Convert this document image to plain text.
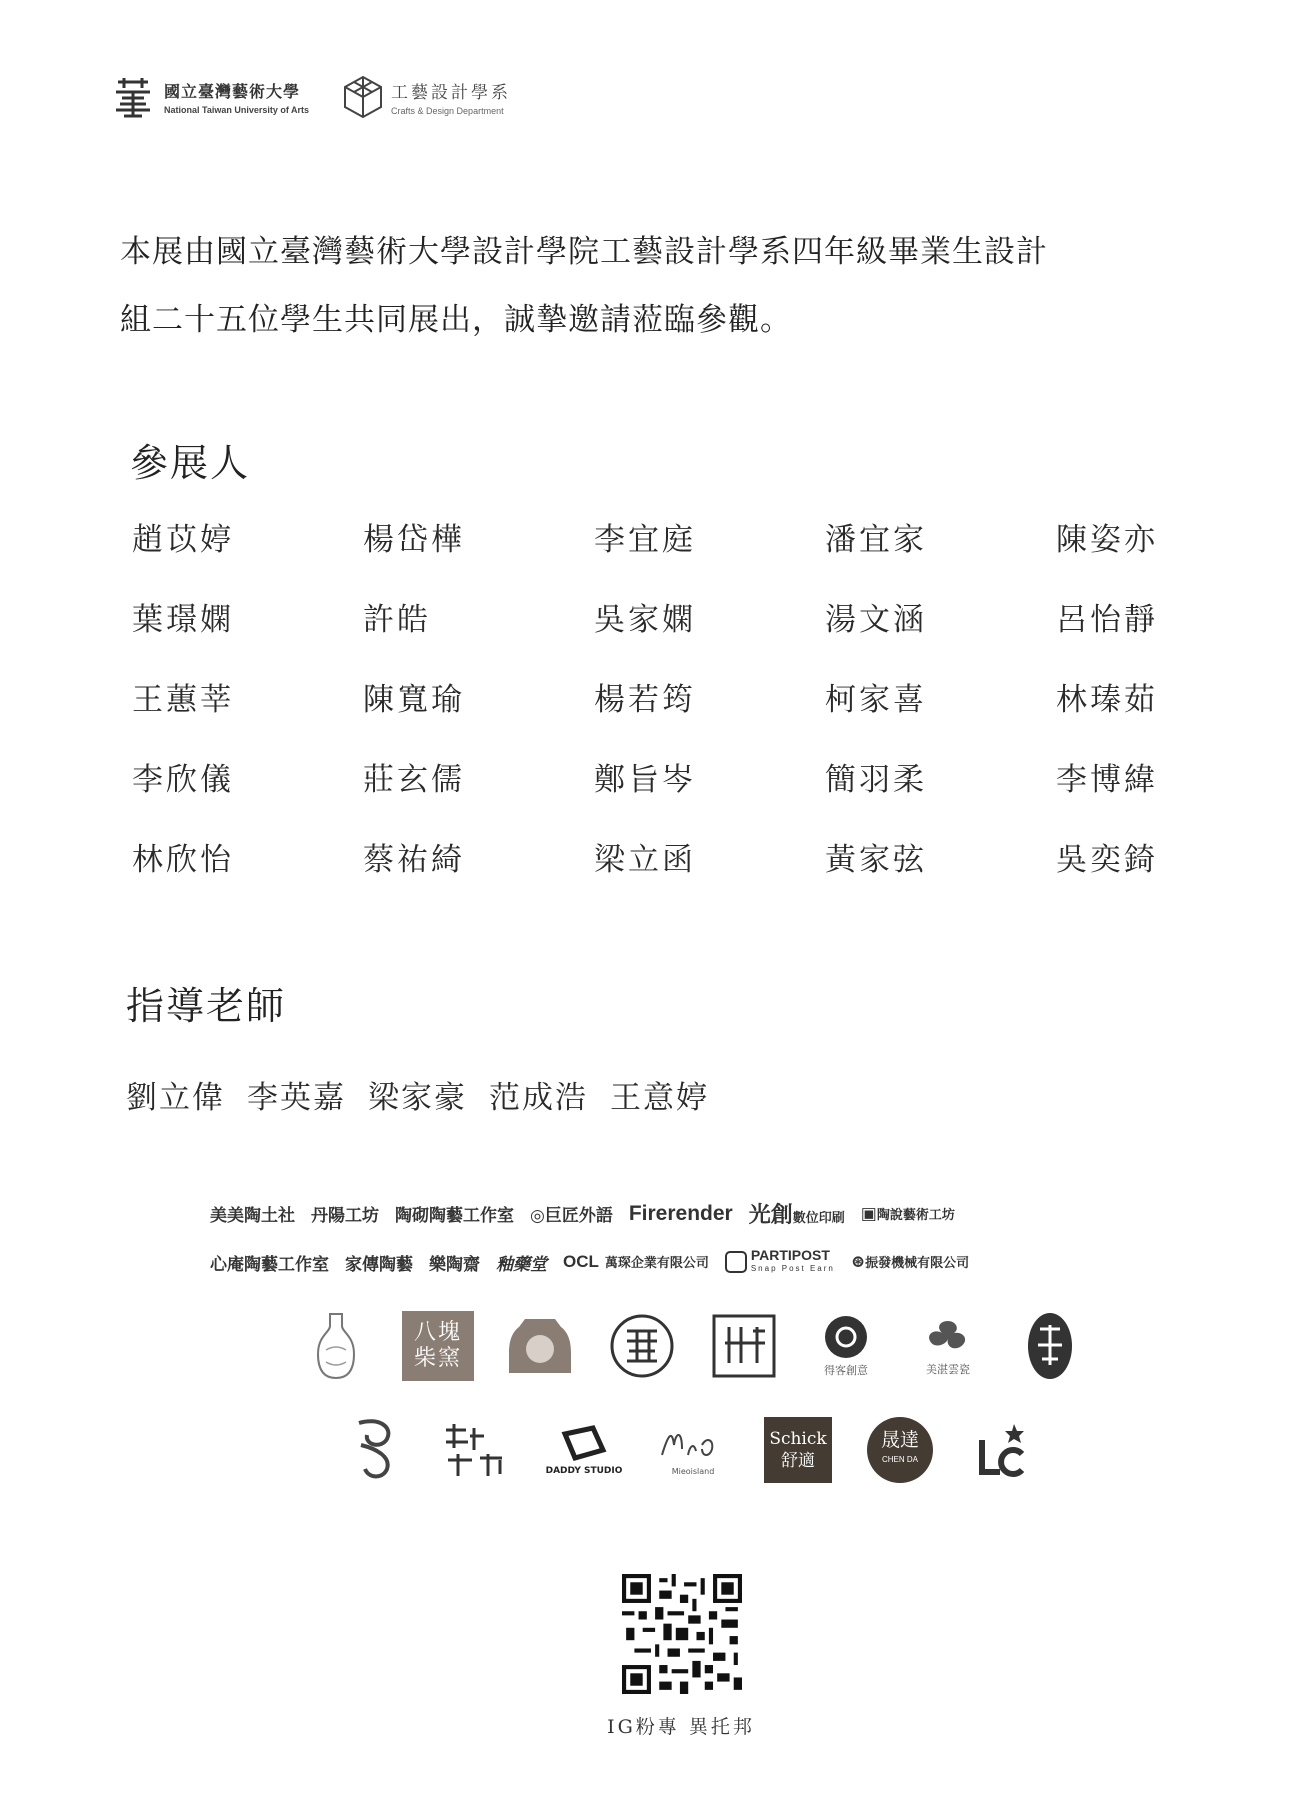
國立臺灣藝術大學
National Taiwan University of Arts
工藝設計學系
Crafts & Design Department
本展由國立臺灣藝術大學設計學院工藝設計學系四年級畢業生設計
組二十五位學生共同展出，誠摯邀請蒞臨參觀。
參展人
趙苡婷	楊岱樺	李宜庭	潘宜家	陳姿亦
葉璟嫻	許皓	吳家嫻	湯文涵	呂怡靜
王蕙莘	陳寬瑜	楊若筠	柯家喜	林瑧茹
李欣儀	莊玄儒	鄭旨岑	簡羽柔	李博緯
林欣怡	蔡祐綺	梁立函	黃家弦	吳奕錡
指導老師
劉立偉 李英嘉 梁家豪 范成浩 王意婷
美美陶土社 丹陽工坊 陶砌陶藝工作室 ◎巨匠外語 Firerender 光創數位印刷 ▣陶說藝術工坊
心庵陶藝工作室 家傳陶藝 樂陶齋 釉藥堂 OCL 萬琛企業有限公司
PARTIPOST
Snap Post Earn ⊛振發機械有限公司
八塊
柴窯	得客創意	美湛雲瓷
DADDY STUDIO	Mieoisland
Schick
舒適
晟達
CHEN DA
IG粉專 異托邦
